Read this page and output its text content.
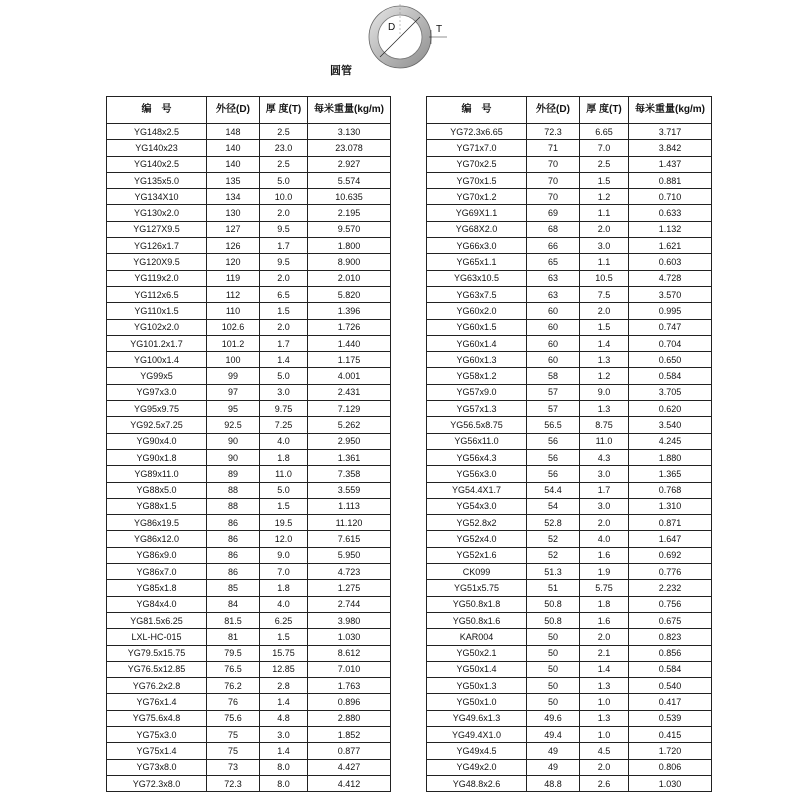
D	T
圆管
编　号	外径(D)	厚 度(T)	每米重量(kg/m)
YG148x2.5	148	2.5	3.130
YG140x23	140	23.0	23.078
YG140x2.5	140	2.5	2.927
YG135x5.0	135	5.0	5.574
YG134X10	134	10.0	10.635
YG130x2.0	130	2.0	2.195
YG127X9.5	127	9.5	9.570
YG126x1.7	126	1.7	1.800
YG120X9.5	120	9.5	8.900
YG119x2.0	119	2.0	2.010
YG112x6.5	112	6.5	5.820
YG110x1.5	110	1.5	1.396
YG102x2.0	102.6	2.0	1.726
YG101.2x1.7	101.2	1.7	1.440
YG100x1.4	100	1.4	1.175
YG99x5	99	5.0	4.001
YG97x3.0	97	3.0	2.431
YG95x9.75	95	9.75	7.129
YG92.5x7.25	92.5	7.25	5.262
YG90x4.0	90	4.0	2.950
YG90x1.8	90	1.8	1.361
YG89x11.0	89	11.0	7.358
YG88x5.0	88	5.0	3.559
YG88x1.5	88	1.5	1.113
YG86x19.5	86	19.5	11.120
YG86x12.0	86	12.0	7.615
YG86x9.0	86	9.0	5.950
YG86x7.0	86	7.0	4.723
YG85x1.8	85	1.8	1.275
YG84x4.0	84	4.0	2.744
YG81.5x6.25	81.5	6.25	3.980
LXL-HC-015	81	1.5	1.030
YG79.5x15.75	79.5	15.75	8.612
YG76.5x12.85	76.5	12.85	7.010
YG76.2x2.8	76.2	2.8	1.763
YG76x1.4	76	1.4	0.896
YG75.6x4.8	75.6	4.8	2.880
YG75x3.0	75	3.0	1.852
YG75x1.4	75	1.4	0.877
YG73x8.0	73	8.0	4.427
YG72.3x8.0	72.3	8.0	4.412
编　号	外径(D)	厚 度(T)	每米重量(kg/m)
YG72.3x6.65	72.3	6.65	3.717
YG71x7.0	71	7.0	3.842
YG70x2.5	70	2.5	1.437
YG70x1.5	70	1.5	0.881
YG70x1.2	70	1.2	0.710
YG69X1.1	69	1.1	0.633
YG68X2.0	68	2.0	1.132
YG66x3.0	66	3.0	1.621
YG65x1.1	65	1.1	0.603
YG63x10.5	63	10.5	4.728
YG63x7.5	63	7.5	3.570
YG60x2.0	60	2.0	0.995
YG60x1.5	60	1.5	0.747
YG60x1.4	60	1.4	0.704
YG60x1.3	60	1.3	0.650
YG58x1.2	58	1.2	0.584
YG57x9.0	57	9.0	3.705
YG57x1.3	57	1.3	0.620
YG56.5x8.75	56.5	8.75	3.540
YG56x11.0	56	11.0	4.245
YG56x4.3	56	4.3	1.880
YG56x3.0	56	3.0	1.365
YG54.4X1.7	54.4	1.7	0.768
YG54x3.0	54	3.0	1.310
YG52.8x2	52.8	2.0	0.871
YG52x4.0	52	4.0	1.647
YG52x1.6	52	1.6	0.692
CK099	51.3	1.9	0.776
YG51x5.75	51	5.75	2.232
YG50.8x1.8	50.8	1.8	0.756
YG50.8x1.6	50.8	1.6	0.675
KAR004	50	2.0	0.823
YG50x2.1	50	2.1	0.856
YG50x1.4	50	1.4	0.584
YG50x1.3	50	1.3	0.540
YG50x1.0	50	1.0	0.417
YG49.6x1.3	49.6	1.3	0.539
YG49.4X1.0	49.4	1.0	0.415
YG49x4.5	49	4.5	1.720
YG49x2.0	49	2.0	0.806
YG48.8x2.6	48.8	2.6	1.030
